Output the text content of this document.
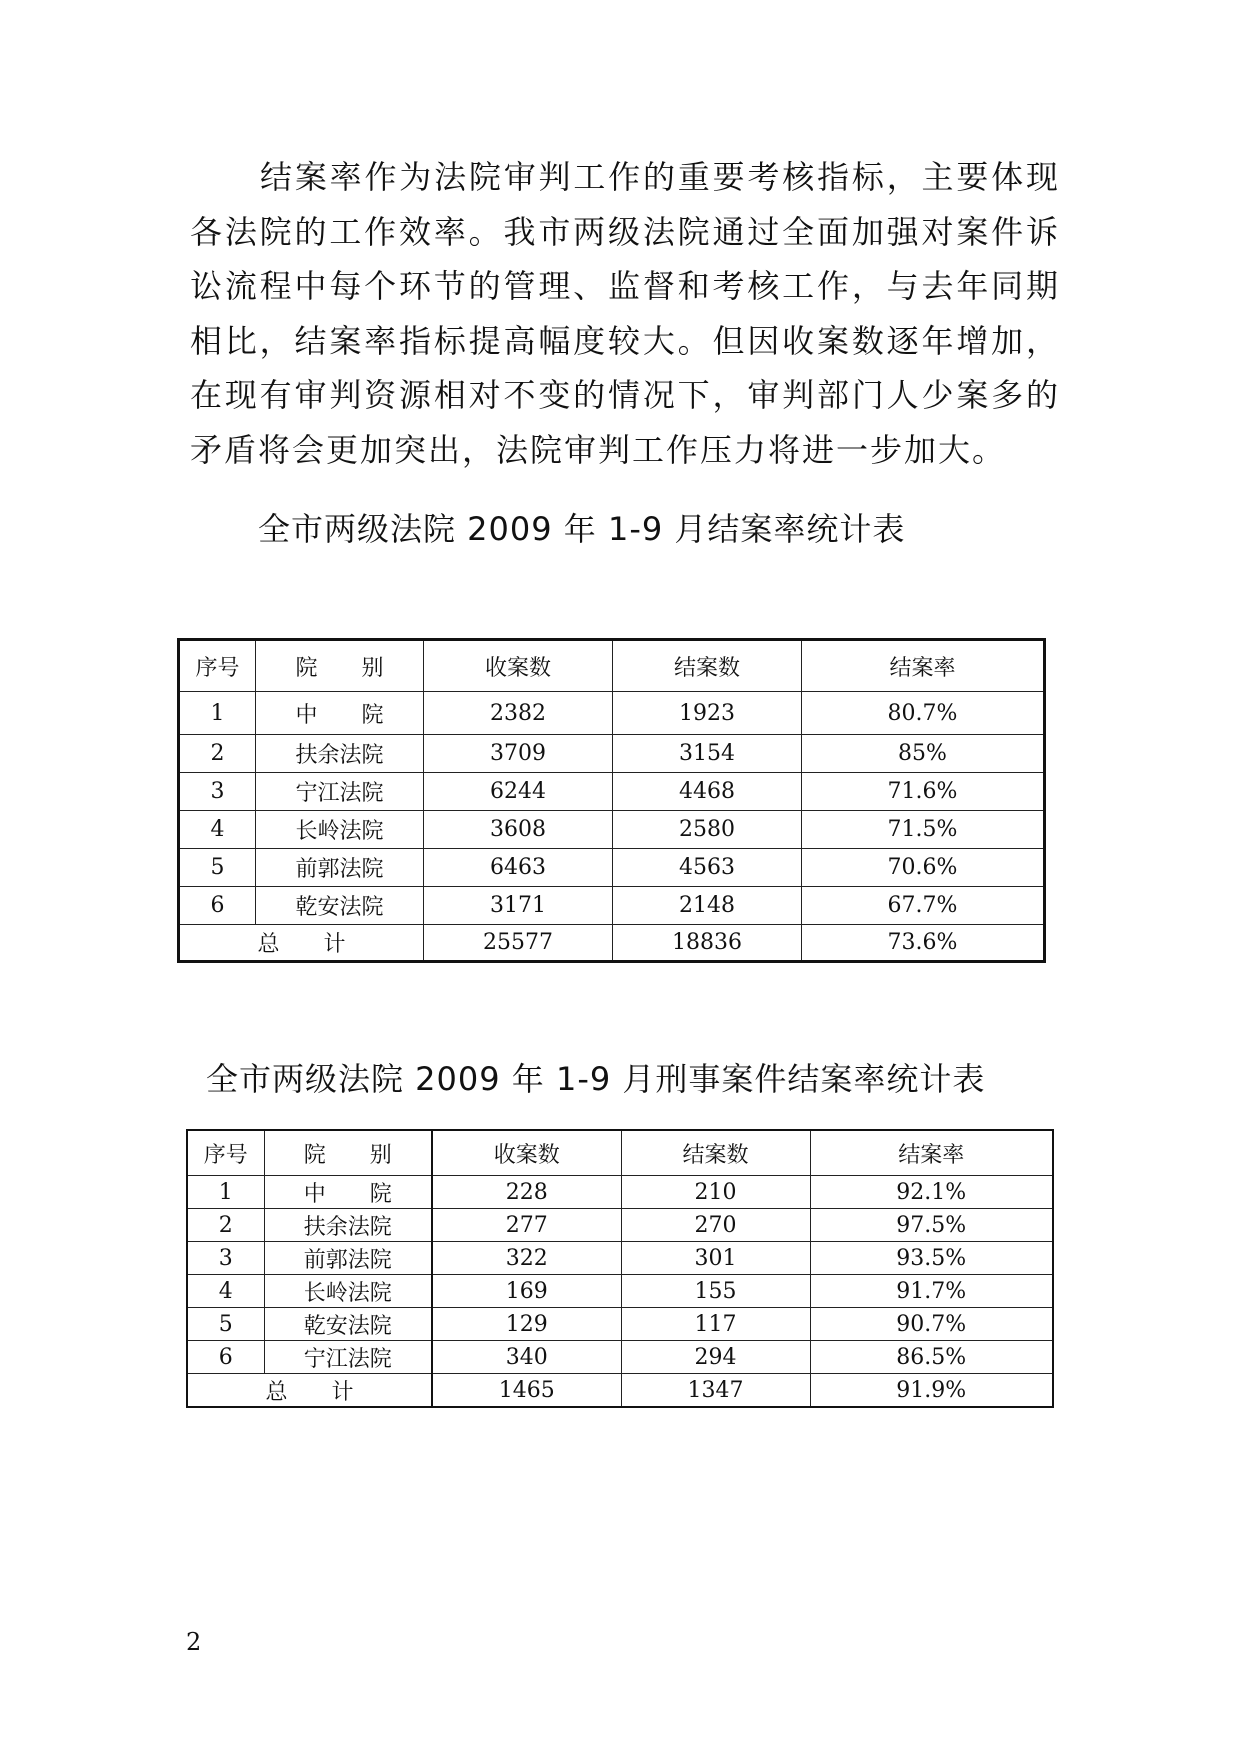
结案率作为法院审判工作的重要考核指标，主要体现各法院的工作效率。我市两级法院通过全面加强对案件诉讼流程中每个环节的管理、监督和考核工作，与去年同期相比，结案率指标提高幅度较大。但因收案数逐年增加，在现有审判资源相对不变的情况下，审判部门人少案多的矛盾将会更加突出，法院审判工作压力将进一步加大。

全市两级法院 2009 年 1-9 月结案率统计表
序号	院　　别	收案数	结案数	结案率
1	中　　院	2382	1923	80.7%
2	扶余法院	3709	3154	85%
3	宁江法院	6244	4468	71.6%
4	长岭法院	3608	2580	71.5%
5	前郭法院	6463	4563	70.6%
6	乾安法院	3171	2148	67.7%
总　　计		25577	18836	73.6%
全市两级法院 2009 年 1-9 月刑事案件结案率统计表
序号	院　　别	收案数	结案数	结案率
1	中　　院	228	210	92.1%
2	扶余法院	277	270	97.5%
3	前郭法院	322	301	93.5%
4	长岭法院	169	155	91.7%
5	乾安法院	129	117	90.7%
6	宁江法院	340	294	86.5%
总　　计		1465	1347	91.9%
2
